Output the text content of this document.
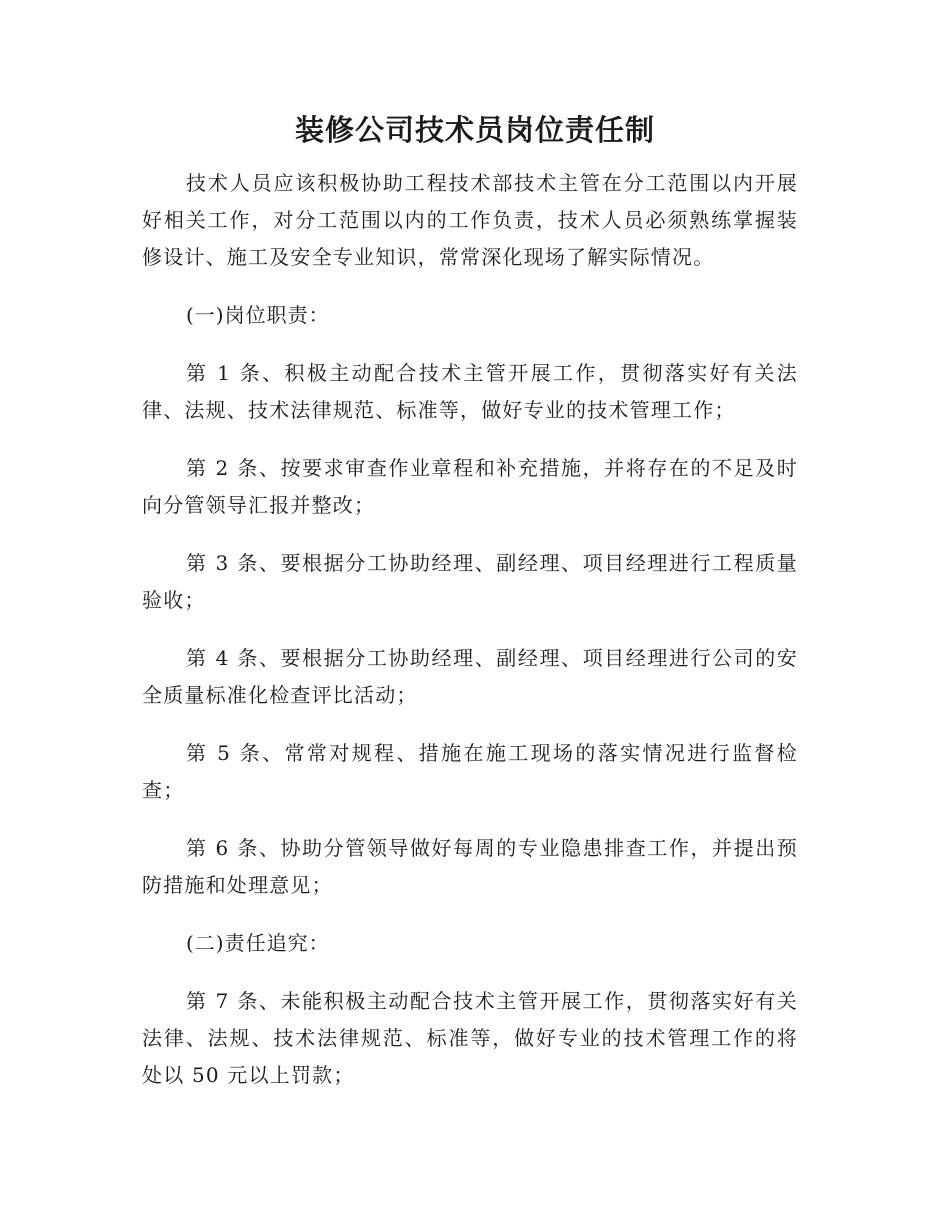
装修公司技术员岗位责任制

技术人员应该积极协助工程技术部技术主管在分工范围以内开展好相关工作，对分工范围以内的工作负责，技术人员必须熟练掌握装修设计、施工及安全专业知识，常常深化现场了解实际情况。

(一)岗位职责：

第 1 条、积极主动配合技术主管开展工作，贯彻落实好有关法律、法规、技术法律规范、标准等，做好专业的技术管理工作；

第 2 条、按要求审查作业章程和补充措施，并将存在的不足及时向分管领导汇报并整改；

第 3 条、要根据分工协助经理、副经理、项目经理进行工程质量验收；

第 4 条、要根据分工协助经理、副经理、项目经理进行公司的安全质量标准化检查评比活动；

第 5 条、常常对规程、措施在施工现场的落实情况进行监督检查；

第 6 条、协助分管领导做好每周的专业隐患排查工作，并提出预防措施和处理意见；

(二)责任追究：

第 7 条、未能积极主动配合技术主管开展工作，贯彻落实好有关法律、法规、技术法律规范、标准等，做好专业的技术管理工作的将处以 50 元以上罚款；
